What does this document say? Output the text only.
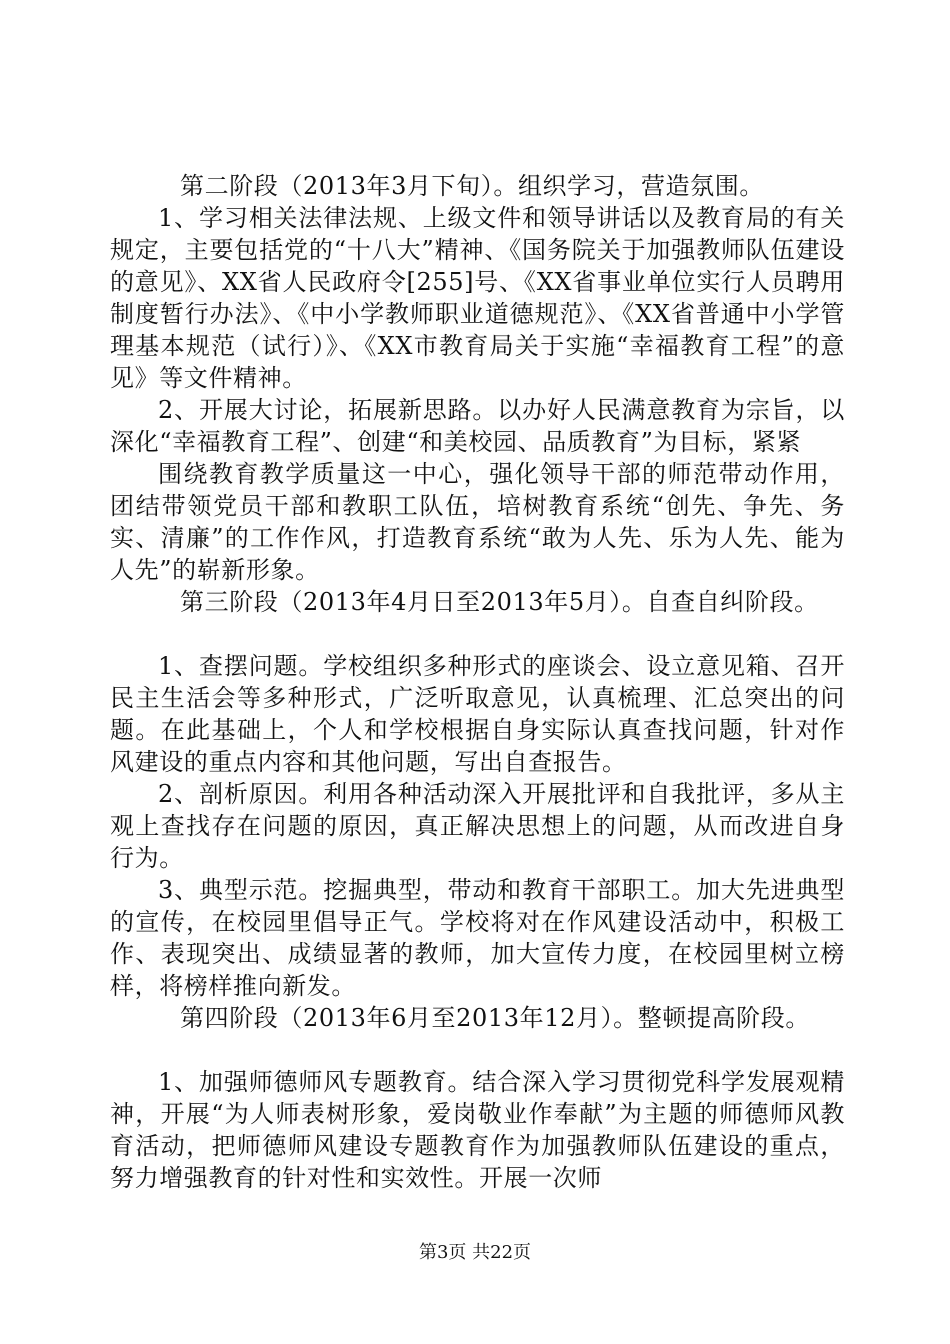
第二阶段（2013年3月下旬）。组织学习，营造氛围。

1、学习相关法律法规、上级文件和领导讲话以及教育局的有关规定，主要包括党的“十八大”精神、《国务院关于加强教师队伍建设的意见》、XX省人民政府令[255]号、《XX省事业单位实行人员聘用制度暂行办法》、《中小学教师职业道德规范》、《XX省普通中小学管理基本规范（试行）》、《XX市教育局关于实施“幸福教育工程”的意见》等文件精神。

2、开展大讨论，拓展新思路。以办好人民满意教育为宗旨，以深化“幸福教育工程”、创建“和美校园、品质教育”为目标，紧紧

围绕教育教学质量这一中心，强化领导干部的师范带动作用，团结带领党员干部和教职工队伍，培树教育系统“创先、争先、务实、清廉”的工作作风，打造教育系统“敢为人先、乐为人先、能为人先”的崭新形象。

第三阶段（2013年4月日至2013年5月）。自查自纠阶段。

1、查摆问题。学校组织多种形式的座谈会、设立意见箱、召开民主生活会等多种形式，广泛听取意见，认真梳理、汇总突出的问题。在此基础上，个人和学校根据自身实际认真查找问题，针对作风建设的重点内容和其他问题，写出自查报告。

2、剖析原因。利用各种活动深入开展批评和自我批评，多从主观上查找存在问题的原因，真正解决思想上的问题，从而改进自身行为。

3、典型示范。挖掘典型，带动和教育干部职工。加大先进典型的宣传，在校园里倡导正气。学校将对在作风建设活动中，积极工作、表现突出、成绩显著的教师，加大宣传力度，在校园里树立榜样，将榜样推向新发。

第四阶段（2013年6月至2013年12月）。整顿提高阶段。

1、加强师德师风专题教育。结合深入学习贯彻党科学发展观精神，开展“为人师表树形象，爱岗敬业作奉献”为主题的师德师风教育活动，把师德师风建设专题教育作为加强教师队伍建设的重点，努力增强教育的针对性和实效性。开展一次师

第3页 共22页
